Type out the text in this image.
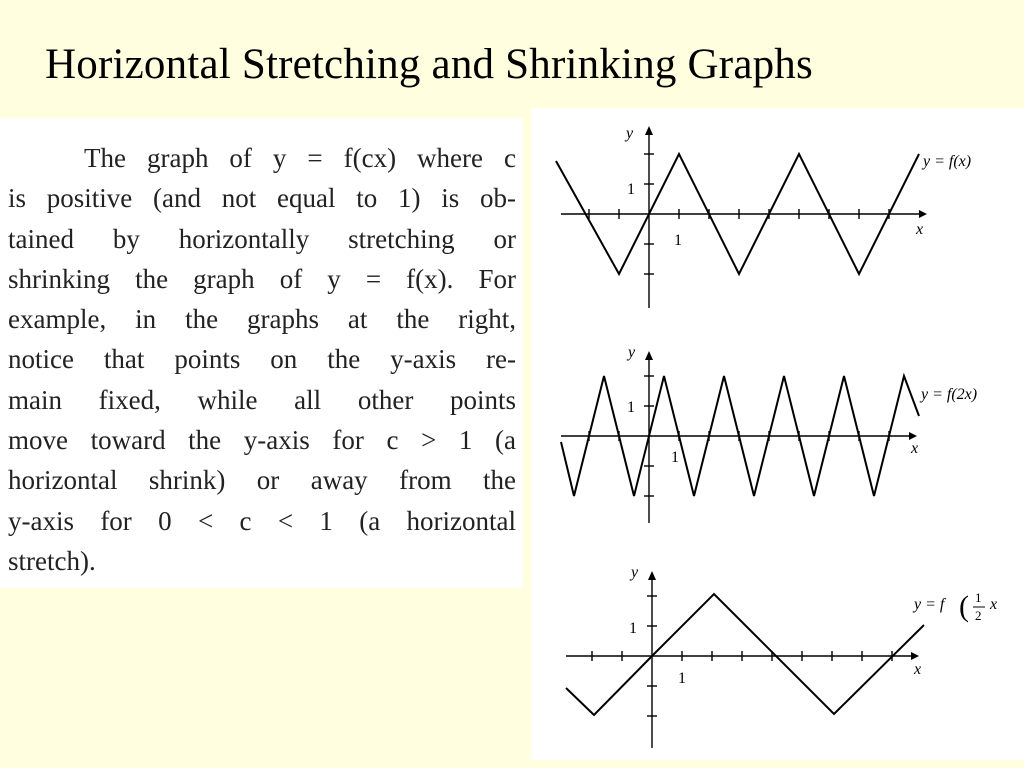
Horizontal Stretching and Shrinking Graphs
The graph of y = f(cx) where c
is positive (and not equal to 1) is ob-
tained by horizontally stretching or
shrinking the graph of y = f(x). For
example, in the graphs at the right,
notice that points on the y-axis re-
main fixed, while all other points
move toward the y-axis for c > 1 (a
horizontal shrink) or away from the
y-axis for 0 < c < 1 (a horizontal
stretch).
y
x
1
1
y = f(x)
y
x
1
1
y = f(2x)
y
x
1
1
y = f ( 1
2
x
